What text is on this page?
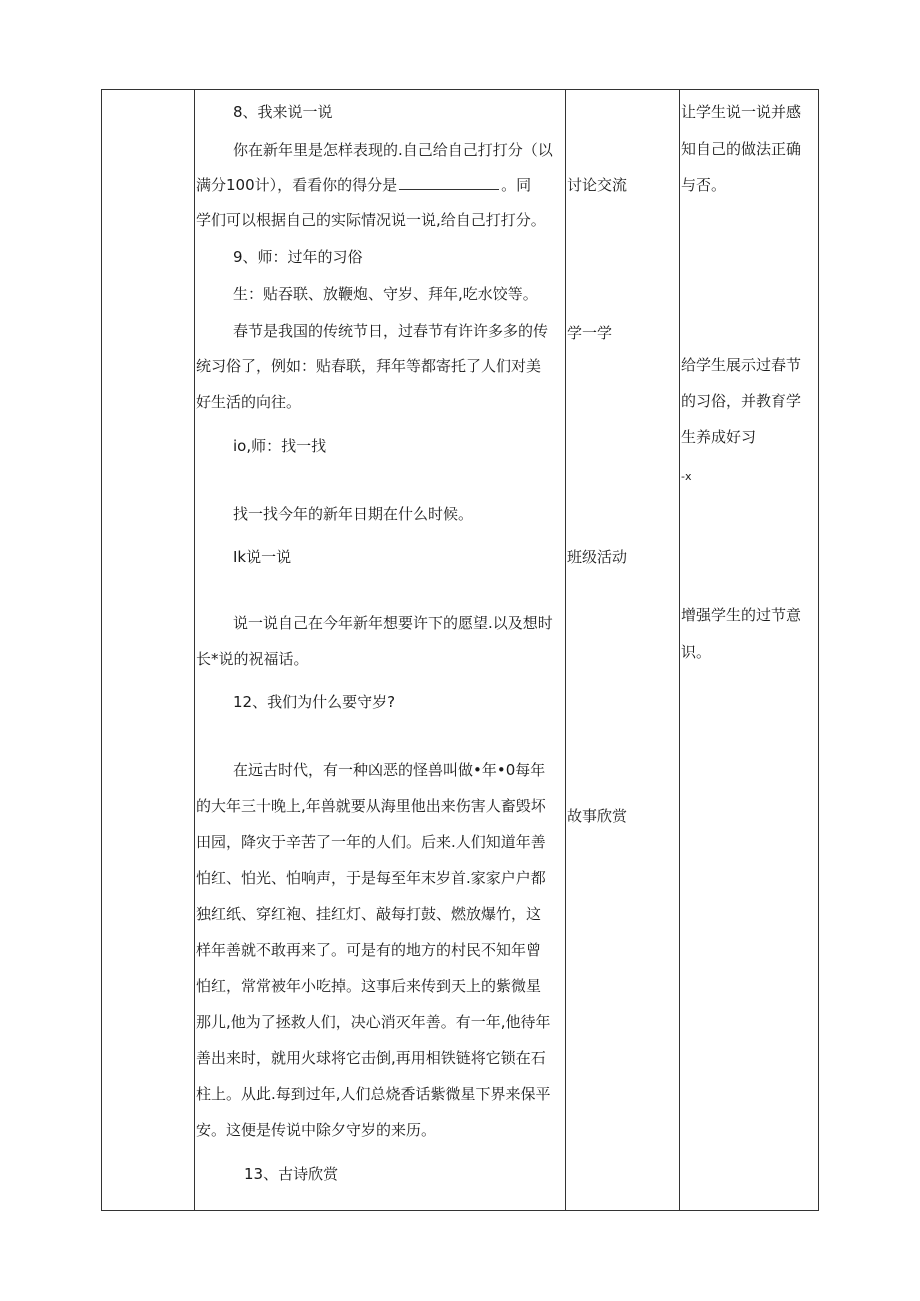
8、我来说一说
你在新年里是怎样表现的.自己给自己打打分（以
满分100计），看看你的得分是	。同
学们可以根据自己的实际情况说一说,给自己打打分。
9、师：过年的习俗
生：贴吞联、放鞭炮、守岁、拜年,吃水饺等。
春节是我国的传统节日，过春节有许许多多的传
统习俗了，例如：贴春联，拜年等都寄托了人们对美
好生活的向往。
io,师：找一找
找一找今年的新年日期在什么时候。
Ik说一说
说一说自己在今年新年想要许下的愿望.以及想时
长*说的祝福话。
12、我们为什么要守岁?
在远古时代，有一种凶恶的怪兽叫做•年•0每年
的大年三十晚上,年兽就要从海里他出来伤害人畜毁坏
田园，降灾于辛苦了一年的人们。后来.人们知道年善
怕红、怕光、怕响声，于是每至年末岁首.家家户户都
独红纸、穿红袍、挂红灯、敲每打鼓、燃放爆竹，这
样年善就不敢再来了。可是有的地方的村民不知年曾
怕红，常常被年小吃掉。这事后来传到天上的紫微星
那儿,他为了拯救人们，决心消灭年善。有一年,他待年
善出来时，就用火球将它击倒,再用相铁链将它锁在石
柱上。从此.每到过年,人们总烧香话紫微星下界来保平
安。这便是传说中除夕守岁的来历。
13、古诗欣赏
讨论交流
学一学
班级活动
故事欣赏
让学生说一说并感
知自己的做法正确
与否。
给学生展示过春节
的习俗，并教育学
生养成好习
-x
增强学生的过节意
识。
